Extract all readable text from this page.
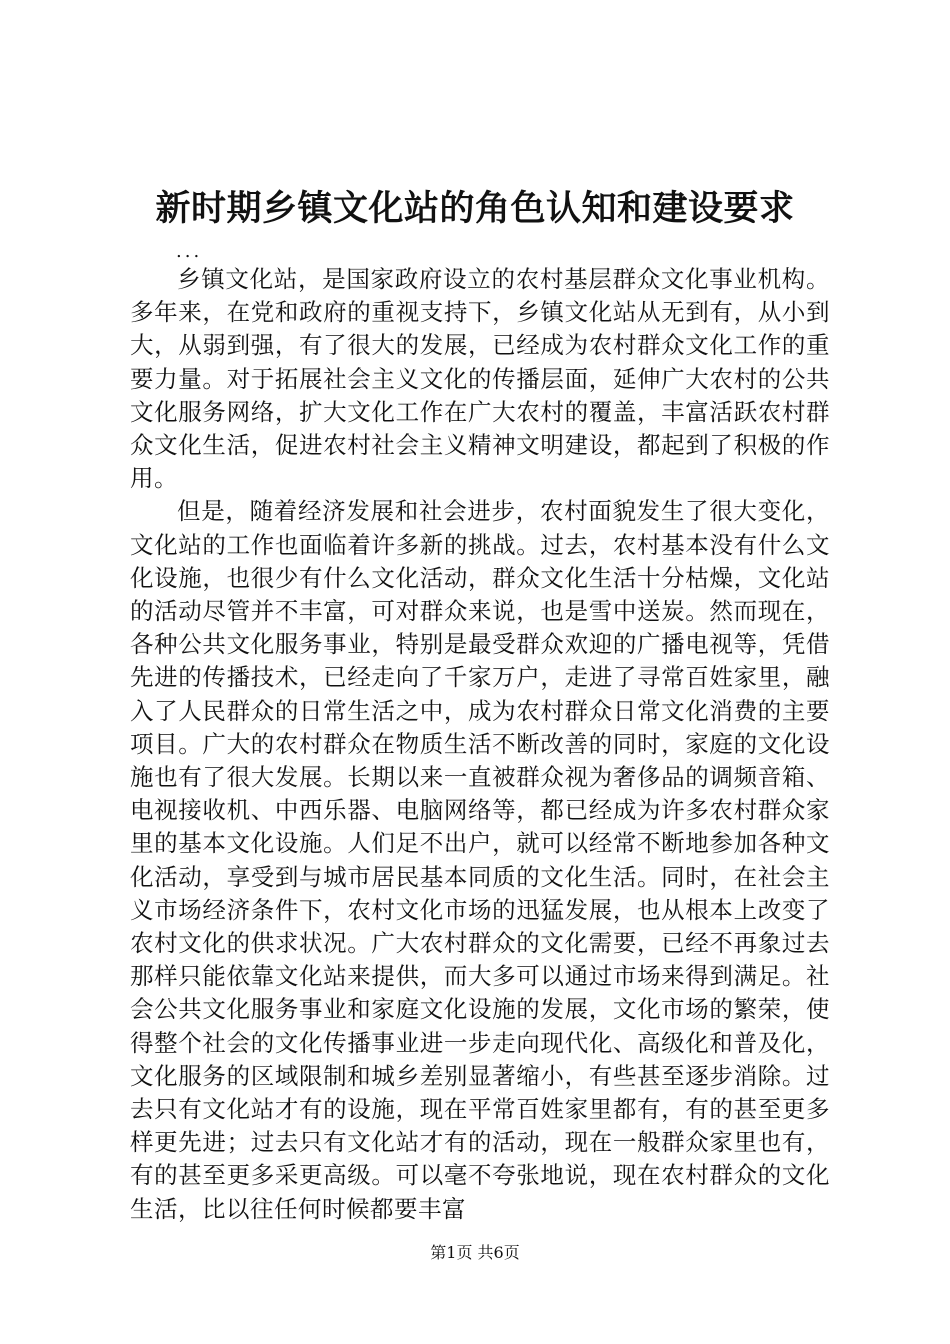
新时期乡镇文化站的角色认知和建设要求
...

乡镇文化站，是国家政府设立的农村基层群众文化事业机构。多年来，在党和政府的重视支持下，乡镇文化站从无到有，从小到大，从弱到强，有了很大的发展，已经成为农村群众文化工作的重要力量。对于拓展社会主义文化的传播层面，延伸广大农村的公共文化服务网络，扩大文化工作在广大农村的覆盖，丰富活跃农村群众文化生活，促进农村社会主义精神文明建设，都起到了积极的作用。

但是，随着经济发展和社会进步，农村面貌发生了很大变化，文化站的工作也面临着许多新的挑战。过去，农村基本没有什么文化设施，也很少有什么文化活动，群众文化生活十分枯燥，文化站的活动尽管并不丰富，可对群众来说，也是雪中送炭。然而现在，各种公共文化服务事业，特别是最受群众欢迎的广播电视等，凭借先进的传播技术，已经走向了千家万户，走进了寻常百姓家里，融入了人民群众的日常生活之中，成为农村群众日常文化消费的主要项目。广大的农村群众在物质生活不断改善的同时，家庭的文化设施也有了很大发展。长期以来一直被群众视为奢侈品的调频音箱、电视接收机、中西乐器、电脑网络等，都已经成为许多农村群众家里的基本文化设施。人们足不出户，就可以经常不断地参加各种文化活动，享受到与城市居民基本同质的文化生活。同时，在社会主义市场经济条件下，农村文化市场的迅猛发展，也从根本上改变了农村文化的供求状况。广大农村群众的文化需要，已经不再象过去那样只能依靠文化站来提供，而大多可以通过市场来得到满足。社会公共文化服务事业和家庭文化设施的发展，文化市场的繁荣，使得整个社会的文化传播事业进一步走向现代化、高级化和普及化，文化服务的区域限制和城乡差别显著缩小，有些甚至逐步消除。过去只有文化站才有的设施，现在平常百姓家里都有，有的甚至更多样更先进；过去只有文化站才有的活动，现在一般群众家里也有，有的甚至更多采更高级。可以毫不夸张地说，现在农村群众的文化生活，比以往任何时候都要丰富

第1页 共6页
